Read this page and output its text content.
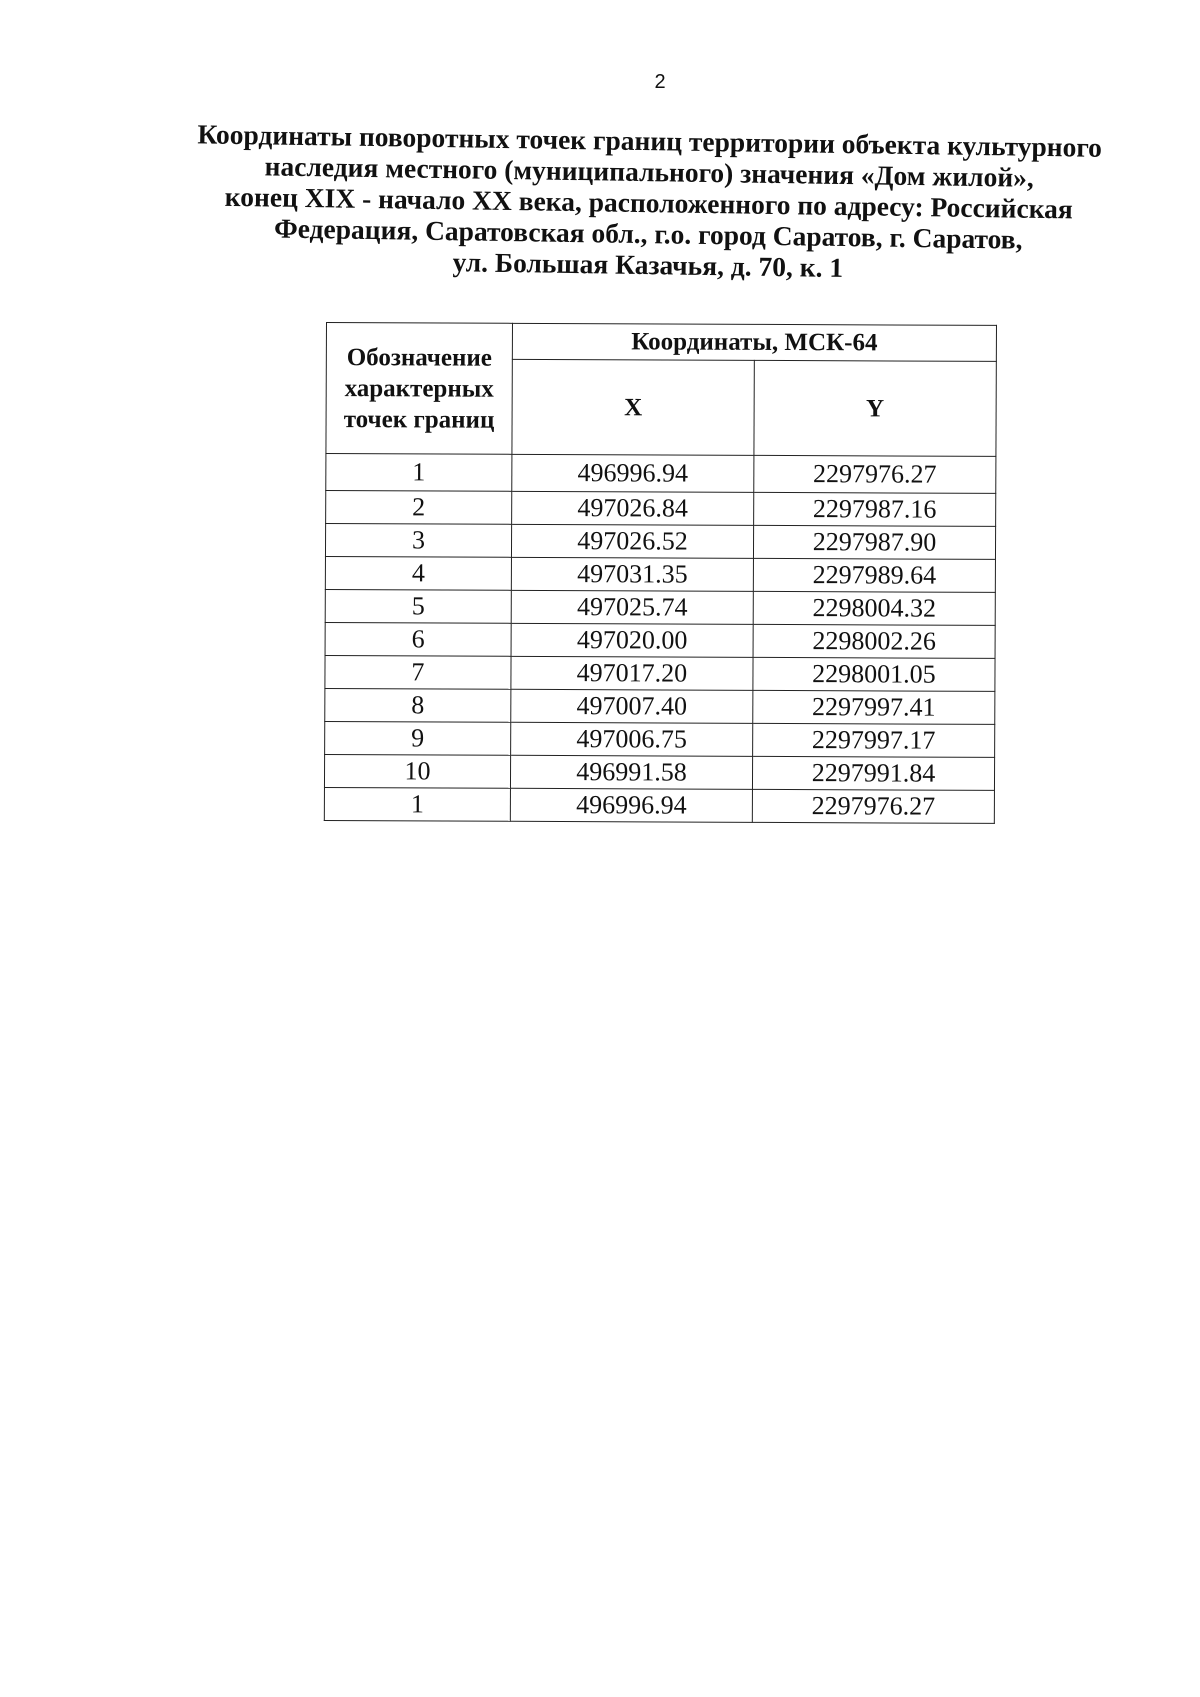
2
Координаты поворотных точек границ территории объекта культурного
наследия местного (муниципального) значения «Дом жилой»,
конец XIX - начало XX века, расположенного по адресу: Российская
Федерация, Саратовская обл., г.о. город Саратов, г. Саратов,
ул. Большая Казачья, д. 70, к. 1
Обозначение характерных точек границ	Координаты, МСК-64	
	X	Y
1	496996.94	2297976.27
2	497026.84	2297987.16
3	497026.52	2297987.90
4	497031.35	2297989.64
5	497025.74	2298004.32
6	497020.00	2298002.26
7	497017.20	2298001.05
8	497007.40	2297997.41
9	497006.75	2297997.17
10	496991.58	2297991.84
1	496996.94	2297976.27
